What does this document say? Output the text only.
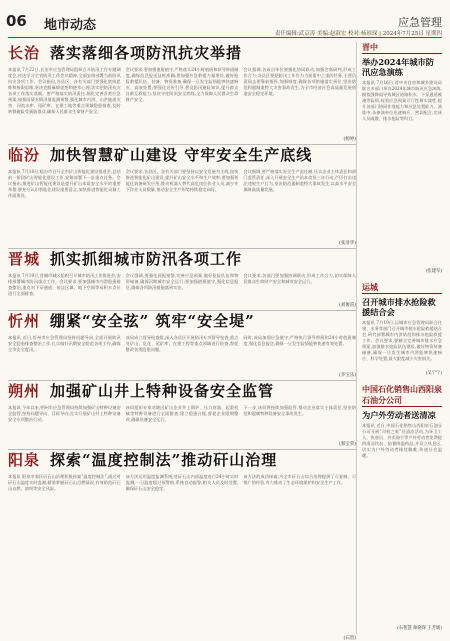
06 地市动态	应急管理
责任编辑:武京涛 美编:赵淑宏 校对:杨琼琛 | 2024年7月25日 星期四
长治 落实落细各项防汛抗灾举措
本报讯 7月22日,长治市应急管理局组织召开防汛工作专题调度会,传达学习全省防汛工作会议精神,全面安排部署当前防汛抗灾各项工作。会议指出,各县区、各有关部门要强化底线思维和极限思维,坚决克服麻痹思想和侥幸心理,切实把防汛抗灾各项工作落实落细。要严格落实防汛责任,细化完善各类应急预案,加强雨情水情汛情监测预警,强化城市内涝、山洪地质灾害、河流水库、尾矿库、在建工地等重点领域隐患排查,及时转移避险受威胁群众,确保人民群众生命财产安全。
会议要求,要加强值班值守,严格落实24小时值班和领导带班制度,确保信息报送及时准确;要加强应急救援力量建设,做好抢险救援队伍、装备、物资准备,确保一旦发生险情能够快速响应、高效处置;要强化宣传引导,普及防汛避险知识,提升群众自救互救能力,坚决守住防汛安全底线,全力保障人民群众生命财产安全。
会议强调,各成员单位要强化协同联动,加强会商研判,形成工作合力;各县区要把防汛工作作为当前重中之重的任务,主要负责同志要靠前指挥,加强调度,确保各项措施落实到位,坚决防范和遏制重特大灾害事故发生,为全市经济社会高质量发展创造安全稳定环境。
(杨婷)
临汾 加快智慧矿山建设 守牢安全生产底线
本报讯 7月18日,临汾市召开全市矿山智能化建设推进会,总结前一阶段矿山智能化建设工作,安排部署下一步重点任务。会议指出,推进矿山智能化建设是提升矿山本质安全水平的重要举措,要充分认识智能化建设重要意义,加快推进智能化采掘工作面建设。
会议要求,各县区、各有关部门要坚持以安全发展为主线,加快推进智能化矿山建设,提升矿山安全水平和生产效率;要加强智能化装备研发应用,推动机器人替代高危岗位作业人员,减少井下作业人员数量,推动安全生产形势持续稳定向好。
会议强调,要严格落实安全生产责任制,压实企业主体责任和部门监管责任,深入开展安全生产治本攻坚三年行动,严厉打击违法违规生产行为,坚决防范遏制重特大事故发生,以高水平安全保障高质量发展。
(张清华)
晋城 抓实抓细城市防汛各项工作
本报讯 7月19日,晋城市城区组织召开城市防汛工作推进会,安排部署城市防汛重点工作。会议要求,要加强城市内涝隐患排查整治,重点对下穿通道、低洼区域、地下空间等易积水点位进行全面排查。
会议强调,要强化预报预警,完善应急预案,做好抢险队伍和物资储备,确保汛期城市安全运行;要加强值班值守,强化信息报送,确保各项防汛措施落到实处。
会议要求,各部门要加强协调联动,形成工作合力,切实保障人民群众生命财产安全和城市安全运行。
(刘俊雷)
忻州 绷紧“安全弦” 筑牢“安全堤”
本报讯 近日,忻州市应急管理局坚持问题导向,全面开展防汛安全隐患排查整治工作,扎实做好汛期安全防范各项工作,确保全市安全度汛。
该局成立督导检查组,深入各县区开展防汛专项督导检查,重点对矿山、危化、尾矿库、在建工程等重点领域进行检查,督促整改各类隐患问题。
同时,该局加强应急值守,严格执行领导带班和24小时值班制度,强化信息报送,确保一旦发生险情能够快速有效处置。
(李宝乐)
朔州 加强矿山井上特种设备安全监管
本报讯 今年以来,朔州市应急管理局持续加强矿山特种设备安全监管,坚持问题导向、目标导向,扎实开展矿山井上特种设备安全专项整治行动。
该局组织专家对辖区矿山企业井上锅炉、压力容器、起重机械等特种设备进行全面排查,建立隐患台账,督促企业限期整改,确保设备安全运行。
下一步,该局将持续加强监管,推动企业落实主体责任,坚决防范和遏制特种设备安全事故发生。
(郭宝荣)
阳泉 探索“温度控制法”推动矸山治理
本报讯 阳泉市郊区矸石山治理积极探索“温度控制法”,通过对矸石山温度实时监测,精准掌握矸石山自燃情况,有效防范矸石山自燃、溃坝等安全风险。
该方法运用温度监测系统,对矸石山内部温度进行24小时实时监测,一旦温度超过预警值,系统自动报警,相关人员及时处置,确保矸石山安全稳定。
该方法的成功探索,为全市矸石山综合治理提供了可复制、可推广的经验,有力推动了生态环境保护和安全生产工作。
(石贺)
晋中
举办2024年城市防汛应急演练
本报讯 7月16日,晋中市住房和城乡建设局联合多部门举办2024年城市防汛应急演练,模拟强降雨导致城区道路积水、下穿通道被淹等险情,检验应急预案可行性和实战性,提升各部门协同作战能力和应急处置能力。演练中,各参演单位迅速响应、密切配合,完成人员疏散、排水抢险等科目。
(张建军)
运城
召开城市排水抢险救援结合会
本报讯 7月19日,运城市应急管理局联合住建、水务等部门召开城市排水抢险救援结合会,研究部署城市内涝防范和排水抢险救援工作。会议要求,要健全完善城市排水应急预案,加强排水抢险队伍建设,做好物资装备储备,确保一旦发生城市内涝能够快速响应、科学处置,最大限度减少灾害损失。
(吴宁宁)
中国石化销售山西阳泉石油分公司
为户外劳动者送清凉
本报讯 近日,中国石化销售山西阳泉石油分公司开展“司机之家”送清凉活动,为环卫工人、快递员、外卖骑手等户外劳动者免费提供清凉饮品、防暑降温药品,并设立休息区,切实为户外劳动者排忧解难,传递社会温暖。
(石智慧 师晓琛 王芳媛)
